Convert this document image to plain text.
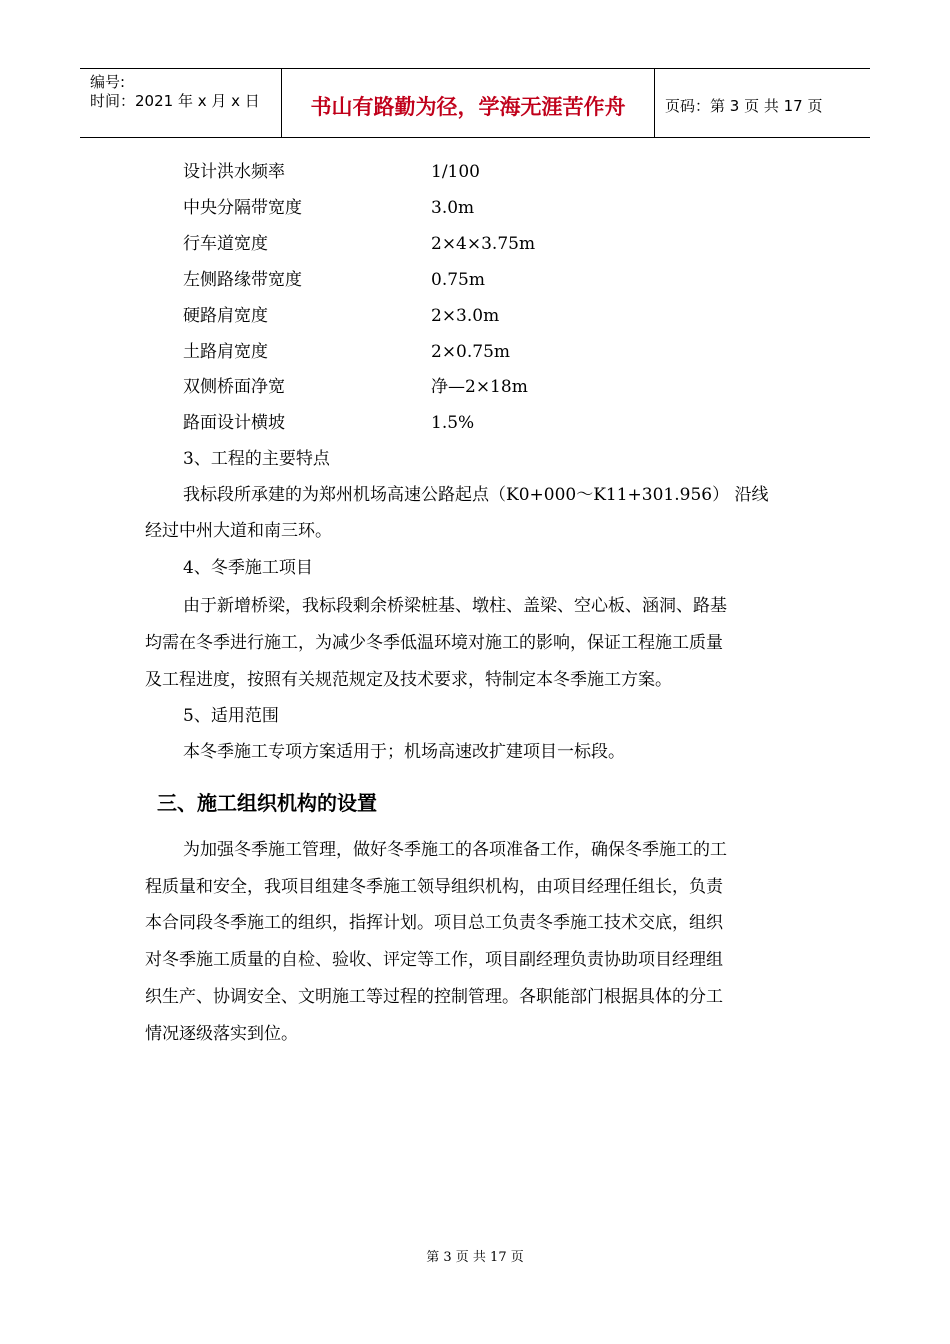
编号:
时间：2021 年 x 月 x 日	书山有路勤为径，学海无涯苦作舟	页码：第 3 页 共 17 页
设计洪水频率	1/100
中央分隔带宽度	3.0m
行车道宽度	2×4×3.75m
左侧路缘带宽度	0.75m
硬路肩宽度	2×3.0m
土路肩宽度	2×0.75m
双侧桥面净宽	净—2×18m
路面设计横坡	1.5%
3、工程的主要特点
我标段所承建的为郑州机场高速公路起点（K0+000～K11+301.956） 沿线
经过中州大道和南三环。
4、冬季施工项目
由于新增桥梁，我标段剩余桥梁桩基、墩柱、盖梁、空心板、涵洞、路基
均需在冬季进行施工，为减少冬季低温环境对施工的影响，保证工程施工质量
及工程进度，按照有关规范规定及技术要求，特制定本冬季施工方案。
5、适用范围
本冬季施工专项方案适用于；机场高速改扩建项目一标段。
三、施工组织机构的设置
为加强冬季施工管理，做好冬季施工的各项准备工作，确保冬季施工的工
程质量和安全，我项目组建冬季施工领导组织机构，由项目经理任组长，负责
本合同段冬季施工的组织，指挥计划。项目总工负责冬季施工技术交底，组织
对冬季施工质量的自检、验收、评定等工作，项目副经理负责协助项目经理组
织生产、协调安全、文明施工等过程的控制管理。各职能部门根据具体的分工
情况逐级落实到位。
第 3 页 共 17 页
